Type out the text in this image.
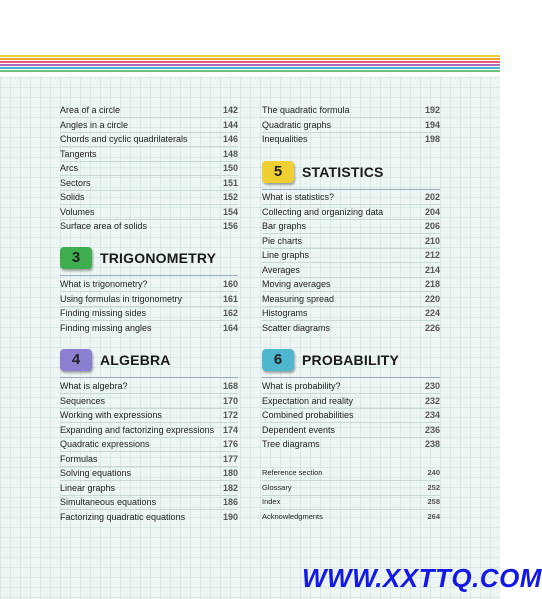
Area of a circle	142
Angles in a circle	144
Chords and cyclic quadrilaterals	146
Tangents	148
Arcs	150
Sectors	151
Solids	152
Volumes	154
Surface area of solids	156
3	TRIGONOMETRY
What is trigonometry?	160
Using formulas in trigonometry	161
Finding missing sides	162
Finding missing angles	164
4	ALGEBRA
What is algebra?	168
Sequences	170
Working with expressions	172
Expanding and factorizing expressions 174
Quadratic expressions	176
Formulas	177
Solving equations	180
Linear graphs	182
Simultaneous equations	186
Factorizing quadratic equations	190
The quadratic formula	192
Quadratic graphs	194
Inequalities	198
5	STATISTICS
What is statistics?	202
Collecting and organizing data	204
Bar graphs	206
Pie charts	210
Line graphs	212
Averages	214
Moving averages	218
Measuring spread	220
Histograms	224
Scatter diagrams	226
6	PROBABILITY
What is probability?	230
Expectation and reality	232
Combined probabilities	234
Dependent events	236
Tree diagrams	238
Reference section	240
Glossary	252
Index	258
Acknowledgments	264
WWW.XXTTQ.COM
